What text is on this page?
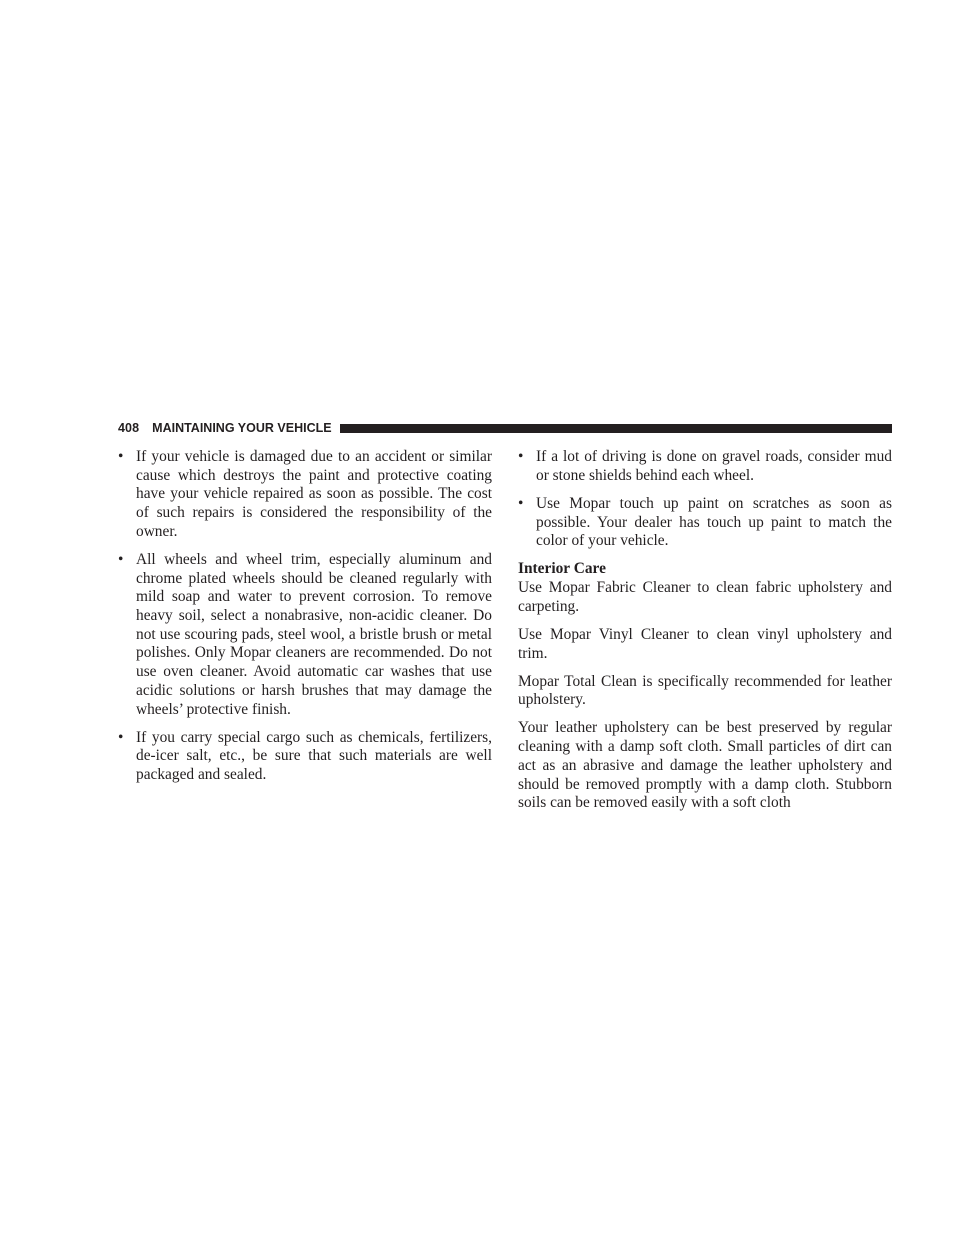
408 MAINTAINING YOUR VEHICLE
• If your vehicle is damaged due to an accident or similar cause which destroys the paint and protective coating have your vehicle repaired as soon as possible. The cost of such repairs is considered the responsibility of the owner.
• All wheels and wheel trim, especially aluminum and chrome plated wheels should be cleaned regularly with mild soap and water to prevent corrosion. To remove heavy soil, select a nonabrasive, non-acidic cleaner. Do not use scouring pads, steel wool, a bristle brush or metal polishes. Only Mopar cleaners are recommended. Do not use oven cleaner. Avoid automatic car washes that use acidic solutions or harsh brushes that may damage the wheels’ protective finish.
• If you carry special cargo such as chemicals, fertilizers, de-icer salt, etc., be sure that such materials are well packaged and sealed.
• If a lot of driving is done on gravel roads, consider mud or stone shields behind each wheel.
• Use Mopar touch up paint on scratches as soon as possible. Your dealer has touch up paint to match the color of your vehicle.
Interior Care

Use Mopar Fabric Cleaner to clean fabric upholstery and carpeting.

Use Mopar Vinyl Cleaner to clean vinyl upholstery and trim.

Mopar Total Clean is specifically recommended for leather upholstery.

Your leather upholstery can be best preserved by regular cleaning with a damp soft cloth. Small particles of dirt can act as an abrasive and damage the leather upholstery and should be removed promptly with a damp cloth. Stubborn soils can be removed easily with a soft cloth
